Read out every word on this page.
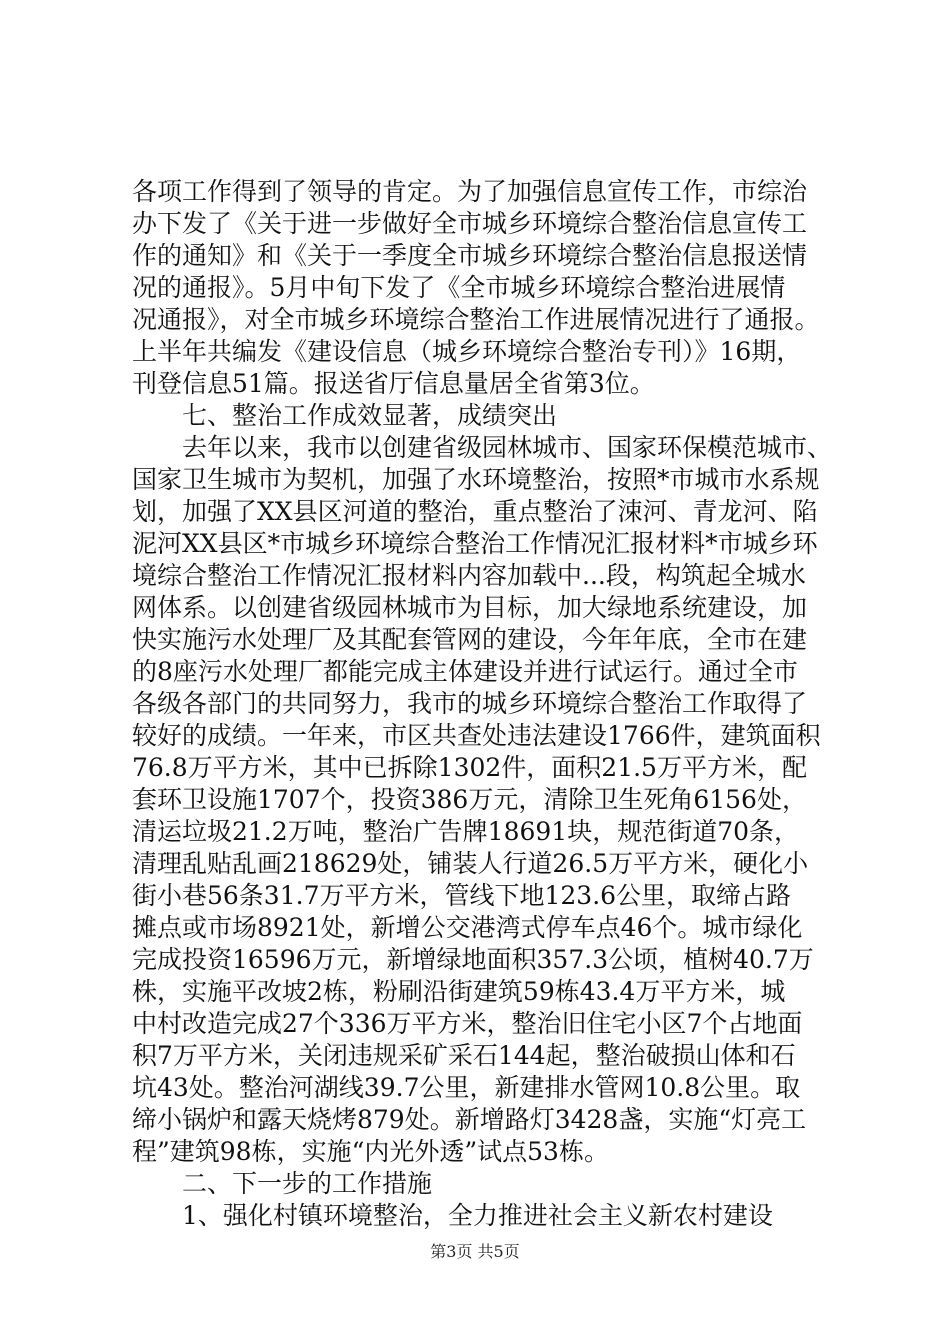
各项工作得到了领导的肯定。为了加强信息宣传工作，市综治
办下发了《关于进一步做好全市城乡环境综合整治信息宣传工
作的通知》和《关于一季度全市城乡环境综合整治信息报送情
况的通报》。5月中旬下发了《全市城乡环境综合整治进展情
况通报》，对全市城乡环境综合整治工作进展情况进行了通报。
上半年共编发《建设信息（城乡环境综合整治专刊）》16期，
刊登信息51篇。报送省厅信息量居全省第3位。
七、整治工作成效显著，成绩突出
去年以来，我市以创建省级园林城市、国家环保模范城市、
国家卫生城市为契机，加强了水环境整治，按照*市城市水系规
划，加强了XX县区河道的整治，重点整治了涑河、青龙河、陷
泥河XX县区*市城乡环境综合整治工作情况汇报材料*市城乡环
境综合整治工作情况汇报材料内容加载中...段，构筑起全城水
网体系。以创建省级园林城市为目标，加大绿地系统建设，加
快实施污水处理厂及其配套管网的建设，今年年底，全市在建
的8座污水处理厂都能完成主体建设并进行试运行。通过全市
各级各部门的共同努力，我市的城乡环境综合整治工作取得了
较好的成绩。一年来，市区共查处违法建设1766件，建筑面积
76.8万平方米，其中已拆除1302件，面积21.5万平方米，配
套环卫设施1707个，投资386万元，清除卫生死角6156处，
清运垃圾21.2万吨，整治广告牌18691块，规范街道70条，
清理乱贴乱画218629处，铺装人行道26.5万平方米，硬化小
街小巷56条31.7万平方米，管线下地123.6公里，取缔占路
摊点或市场8921处，新增公交港湾式停车点46个。城市绿化
完成投资16596万元，新增绿地面积357.3公顷，植树40.7万
株，实施平改坡2栋，粉刷沿街建筑59栋43.4万平方米，城
中村改造完成27个336万平方米，整治旧住宅小区7个占地面
积7万平方米，关闭违规采矿采石144起，整治破损山体和石
坑43处。整治河湖线39.7公里，新建排水管网10.8公里。取
缔小锅炉和露天烧烤879处。新增路灯3428盏，实施“灯亮工
程”建筑98栋，实施“内光外透”试点53栋。
二、下一步的工作措施
1、强化村镇环境整治，全力推进社会主义新农村建设
第3页 共5页
